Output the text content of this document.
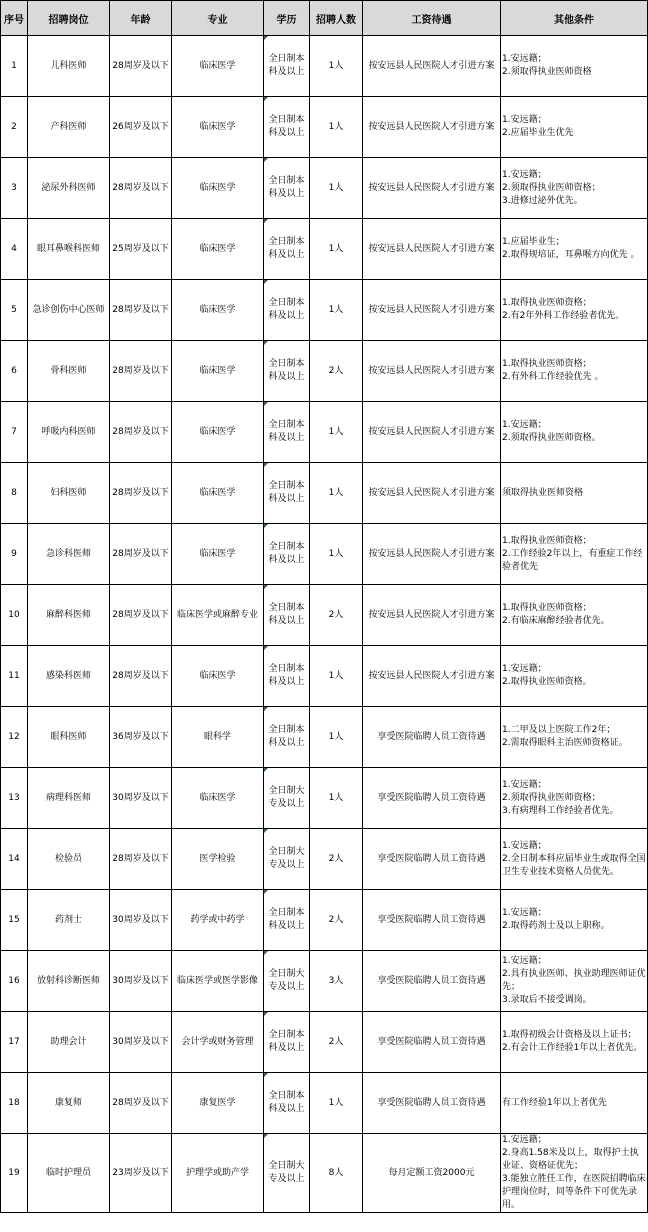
序号	招聘岗位	年龄	专业	学历	招聘人数	工资待遇	其他条件
1	儿科医师	28周岁及以下	临床医学	全日制本
科及以上	1人	按安远县人民医院人才引进方案	1.安远籍；
2.须取得执业医师资格

2	产科医师	26周岁及以下	临床医学	全日制本
科及以上	1人	按安远县人民医院人才引进方案	1.安远籍；
2.应届毕业生优先

3	泌尿外科医师	28周岁及以下	临床医学	全日制本
科及以上	1人	按安远县人民医院人才引进方案	1.安远籍；
2.须取得执业医师资格；
3.进修过泌外优先。

4	眼耳鼻喉科医师	25周岁及以下	临床医学	全日制本
科及以上	1人	按安远县人民医院人才引进方案	1.应届毕业生；
2.取得规培证，耳鼻喉方向优先 。

5	急诊创伤中心医师	28周岁及以下	临床医学	全日制本
科及以上	1人	按安远县人民医院人才引进方案	1.取得执业医师资格；
2.有2年外科工作经验者优先。

6	骨科医师	28周岁及以下	临床医学	全日制本
科及以上	2人	按安远县人民医院人才引进方案	1.取得执业医师资格；
2.有外科工作经验优先 。

7	呼吸内科医师	28周岁及以下	临床医学	全日制本
科及以上	1人	按安远县人民医院人才引进方案	1.安远籍；
2.须取得执业医师资格。

8	妇科医师	28周岁及以下	临床医学	全日制本
科及以上	1人	按安远县人民医院人才引进方案	须取得执业医师资格

9	急诊科医师	28周岁及以下	临床医学	全日制本
科及以上	1人	按安远县人民医院人才引进方案	1.取得执业医师资格；
2.工作经验2年以上，有重症工作经验者优先

10	麻醉科医师	28周岁及以下	临床医学或麻醉专业	全日制本
科及以上	2人	按安远县人民医院人才引进方案	1.取得执业医师资格；
2.有临床麻醉经验者优先。

11	感染科医师	28周岁及以下	临床医学	全日制本
科及以上	1人	按安远县人民医院人才引进方案	1.安远籍；
2.取得执业医师资格。

12	眼科医师	36周岁及以下	眼科学	全日制本
科及以上	1人	享受医院临聘人员工资待遇	1.二甲及以上医院工作2年；
2.需取得眼科主治医师资格证。

13	病理科医师	30周岁及以下	临床医学	全日制大
专及以上	1人	享受医院临聘人员工资待遇	1.安远籍；
2.须取得执业医师资格；
3.有病理科工作经验者优先。

14	检验员	28周岁及以下	医学检验	全日制大
专及以上	2人	享受医院临聘人员工资待遇	1.安远籍；
2.全日制本科应届毕业生或取得全国卫生专业技术资格人员优先。

15	药剂士	30周岁及以下	药学或中药学	全日制本
科及以上	2人	享受医院临聘人员工资待遇	1.安远籍；
2.取得药剂士及以上职称。

16	放射科诊断医师	30周岁及以下	临床医学或医学影像	全日制大
专及以上	3人	享受医院临聘人员工资待遇	1.安远籍；
2.具有执业医师、执业助理医师证优先；
3.录取后不接受调岗。

17	助理会计	30周岁及以下	会计学或财务管理	全日制本
科及以上	2人	享受医院临聘人员工资待遇	1.取得初级会计资格及以上证书；
2.有会计工作经验1年以上者优先。

18	康复师	28周岁及以下	康复医学	全日制本
科及以上	1人	享受医院临聘人员工资待遇	有工作经验1年以上者优先

19	临时护理员	23周岁及以下	护理学或助产学	全日制大
专及以上	8人	每月定额工资2000元	1.安远籍；
2.身高1.58米及以上，取得护士执业证、资格证优先；
3.能独立胜任工作，在医院招聘临床护理岗位时，同等条件下可优先录用。
